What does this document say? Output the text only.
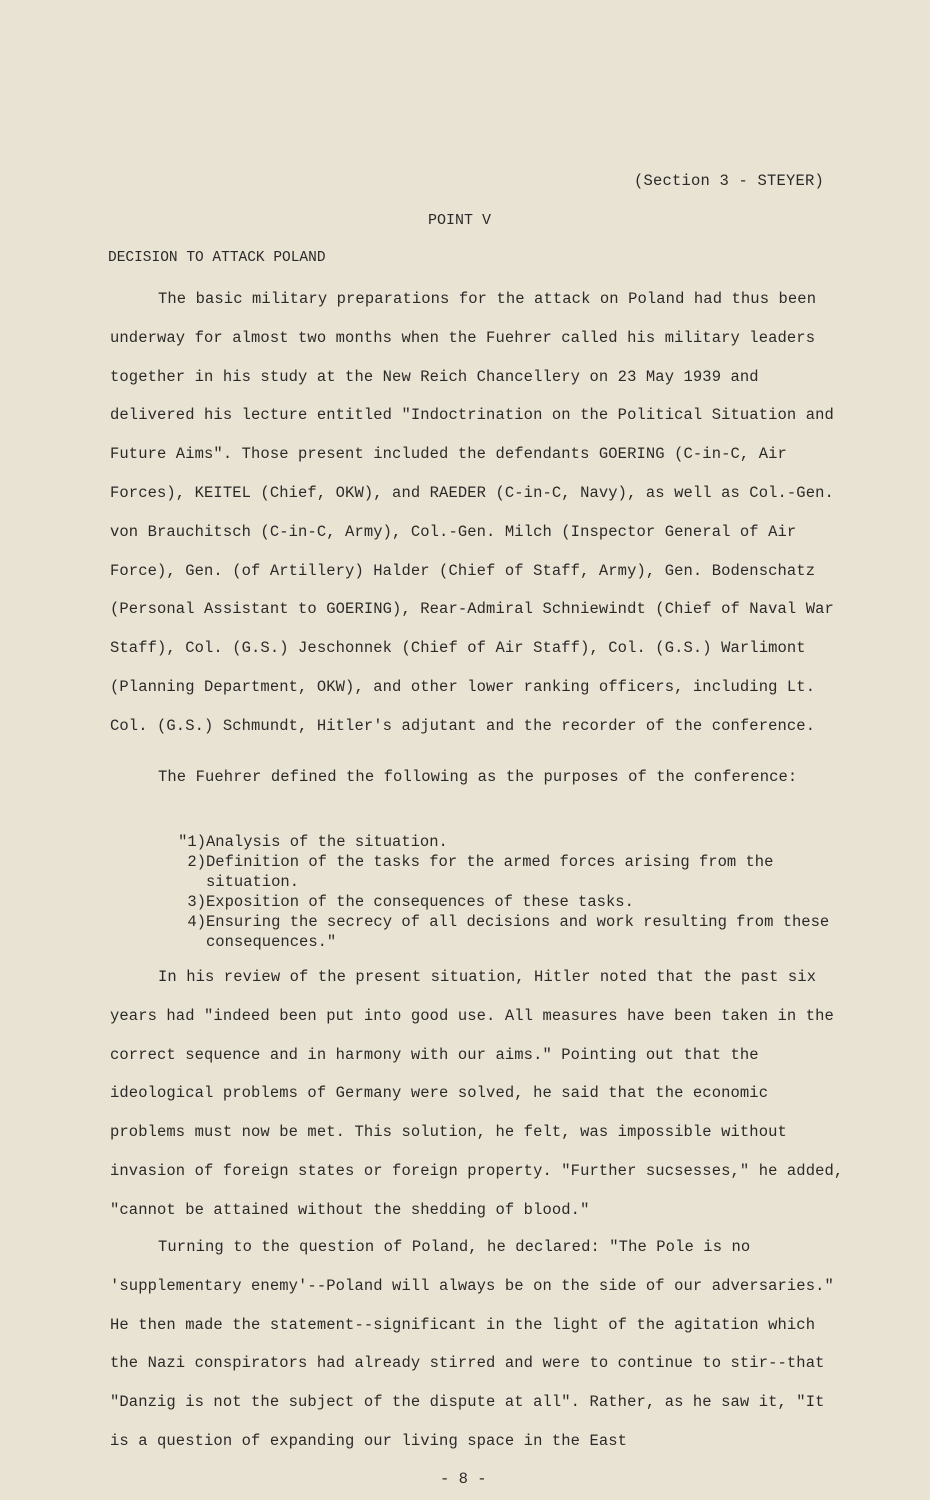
(Section 3 - STEYER)
POINT V
DECISION TO ATTACK POLAND

The basic military preparations for the attack on Poland had thus been underway for almost two months when the Fuehrer called his military leaders together in his study at the New Reich Chancellery on 23 May 1939 and delivered his lecture entitled "Indoctrination on the Political Situation and Future Aims". Those present included the defendants GOERING (C-in-C, Air Forces), KEITEL (Chief, OKW), and RAEDER (C-in-C, Navy), as well as Col.-Gen. von Brauchitsch (C-in-C, Army), Col.-Gen. Milch (Inspector General of Air Force), Gen. (of Artillery) Halder (Chief of Staff, Army), Gen. Bodenschatz (Personal Assistant to GOERING), Rear-Admiral Schniewindt (Chief of Naval War Staff), Col. (G.S.) Jeschonnek (Chief of Air Staff), Col. (G.S.) Warlimont (Planning Department, OKW), and other lower ranking officers, including Lt. Col. (G.S.) Schmundt, Hitler's adjutant and the recorder of the conference.

The Fuehrer defined the following as the purposes of the conference:

"1) Analysis of the situation.
2) Definition of the tasks for the armed forces arising from the situation.
3) Exposition of the consequences of these tasks.
4) Ensuring the secrecy of all decisions and work resulting from these consequences."

In his review of the present situation, Hitler noted that the past six years had "indeed been put into good use. All measures have been taken in the correct sequence and in harmony with our aims." Pointing out that the ideological problems of Germany were solved, he said that the economic problems must now be met. This solution, he felt, was impossible without invasion of foreign states or foreign property. "Further sucsesses," he added, "cannot be attained without the shedding of blood."

Turning to the question of Poland, he declared: "The Pole is no 'supplementary enemy'--Poland will always be on the side of our adversaries." He then made the statement--significant in the light of the agitation which the Nazi conspirators had already stirred and were to continue to stir--that "Danzig is not the subject of the dispute at all". Rather, as he saw it, "It is a question of expanding our living space in the East

- 8 -
